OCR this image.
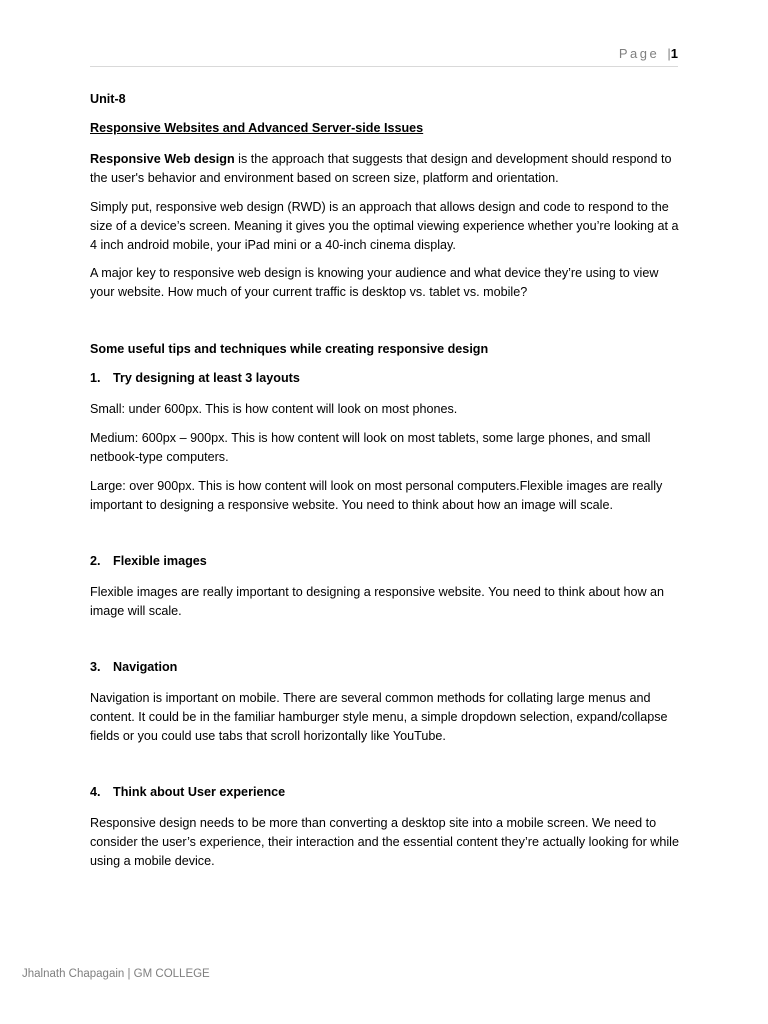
Page |1
Unit-8
Responsive Websites and Advanced Server-side Issues

Responsive Web design is the approach that suggests that design and development should respond to the user's behavior and environment based on screen size, platform and orientation.

Simply put, responsive web design (RWD) is an approach that allows design and code to respond to the size of a device’s screen. Meaning it gives you the optimal viewing experience whether you’re looking at a 4 inch android mobile, your iPad mini or a 40-inch cinema display.

A major key to responsive web design is knowing your audience and what device they’re using to view your website. How much of your current traffic is desktop vs. tablet vs. mobile?

Some useful tips and techniques while creating responsive design
1. Try designing at least 3 layouts

Small: under 600px. This is how content will look on most phones.

Medium: 600px – 900px. This is how content will look on most tablets, some large phones, and small netbook-type computers.

Large: over 900px. This is how content will look on most personal computers.Flexible images are really important to designing a responsive website. You need to think about how an image will scale.

2. Flexible images

Flexible images are really important to designing a responsive website. You need to think about how an image will scale.

3. Navigation

Navigation is important on mobile. There are several common methods for collating large menus and content. It could be in the familiar hamburger style menu, a simple dropdown selection, expand/collapse fields or you could use tabs that scroll horizontally like YouTube.

4. Think about User experience

Responsive design needs to be more than converting a desktop site into a mobile screen. We need to consider the user’s experience, their interaction and the essential content they’re actually looking for while using a mobile device.

Jhalnath Chapagain | GM COLLEGE
